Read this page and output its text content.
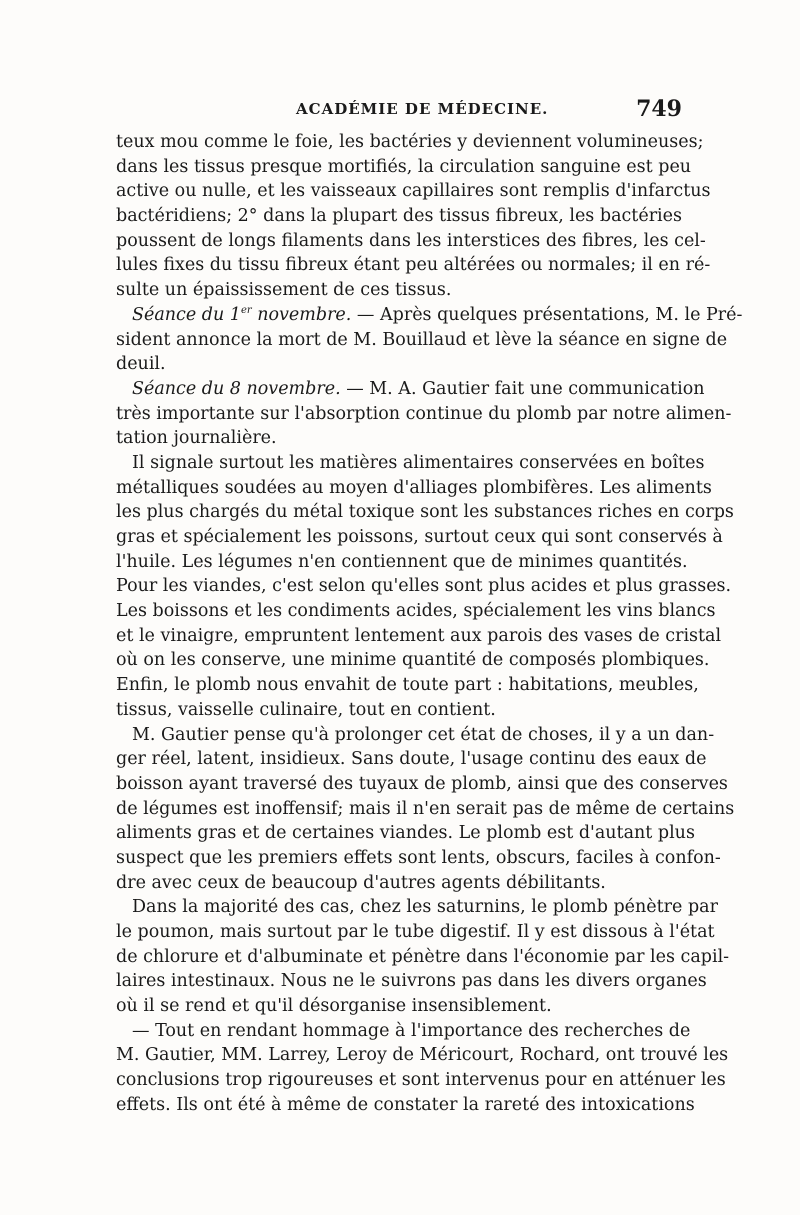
ACADÉMIE DE MÉDECINE.	749
teux mou comme le foie, les bactéries y deviennent volumineuses;
dans les tissus presque mortifiés, la circulation sanguine est peu
active ou nulle, et les vaisseaux capillaires sont remplis d'infarctus
bactéridiens; 2° dans la plupart des tissus fibreux, les bactéries
poussent de longs filaments dans les interstices des fibres, les cel-
lules fixes du tissu fibreux étant peu altérées ou normales; il en ré-
sulte un épaississement de ces tissus.
Séance du 1er novembre. — Après quelques présentations, M. le Pré-
sident annonce la mort de M. Bouillaud et lève la séance en signe de
deuil.
Séance du 8 novembre. — M. A. Gautier fait une communication
très importante sur l'absorption continue du plomb par notre alimen-
tation journalière.
Il signale surtout les matières alimentaires conservées en boîtes
métalliques soudées au moyen d'alliages plombifères. Les aliments
les plus chargés du métal toxique sont les substances riches en corps
gras et spécialement les poissons, surtout ceux qui sont conservés à
l'huile. Les légumes n'en contiennent que de minimes quantités.
Pour les viandes, c'est selon qu'elles sont plus acides et plus grasses.
Les boissons et les condiments acides, spécialement les vins blancs
et le vinaigre, empruntent lentement aux parois des vases de cristal
où on les conserve, une minime quantité de composés plombiques.
Enfin, le plomb nous envahit de toute part : habitations, meubles,
tissus, vaisselle culinaire, tout en contient.
M. Gautier pense qu'à prolonger cet état de choses, il y a un dan-
ger réel, latent, insidieux. Sans doute, l'usage continu des eaux de
boisson ayant traversé des tuyaux de plomb, ainsi que des conserves
de légumes est inoffensif; mais il n'en serait pas de même de certains
aliments gras et de certaines viandes. Le plomb est d'autant plus
suspect que les premiers effets sont lents, obscurs, faciles à confon-
dre avec ceux de beaucoup d'autres agents débilitants.
Dans la majorité des cas, chez les saturnins, le plomb pénètre par
le poumon, mais surtout par le tube digestif. Il y est dissous à l'état
de chlorure et d'albuminate et pénètre dans l'économie par les capil-
laires intestinaux. Nous ne le suivrons pas dans les divers organes
où il se rend et qu'il désorganise insensiblement.
— Tout en rendant hommage à l'importance des recherches de
M. Gautier, MM. Larrey, Leroy de Méricourt, Rochard, ont trouvé les
conclusions trop rigoureuses et sont intervenus pour en atténuer les
effets. Ils ont été à même de constater la rareté des intoxications
